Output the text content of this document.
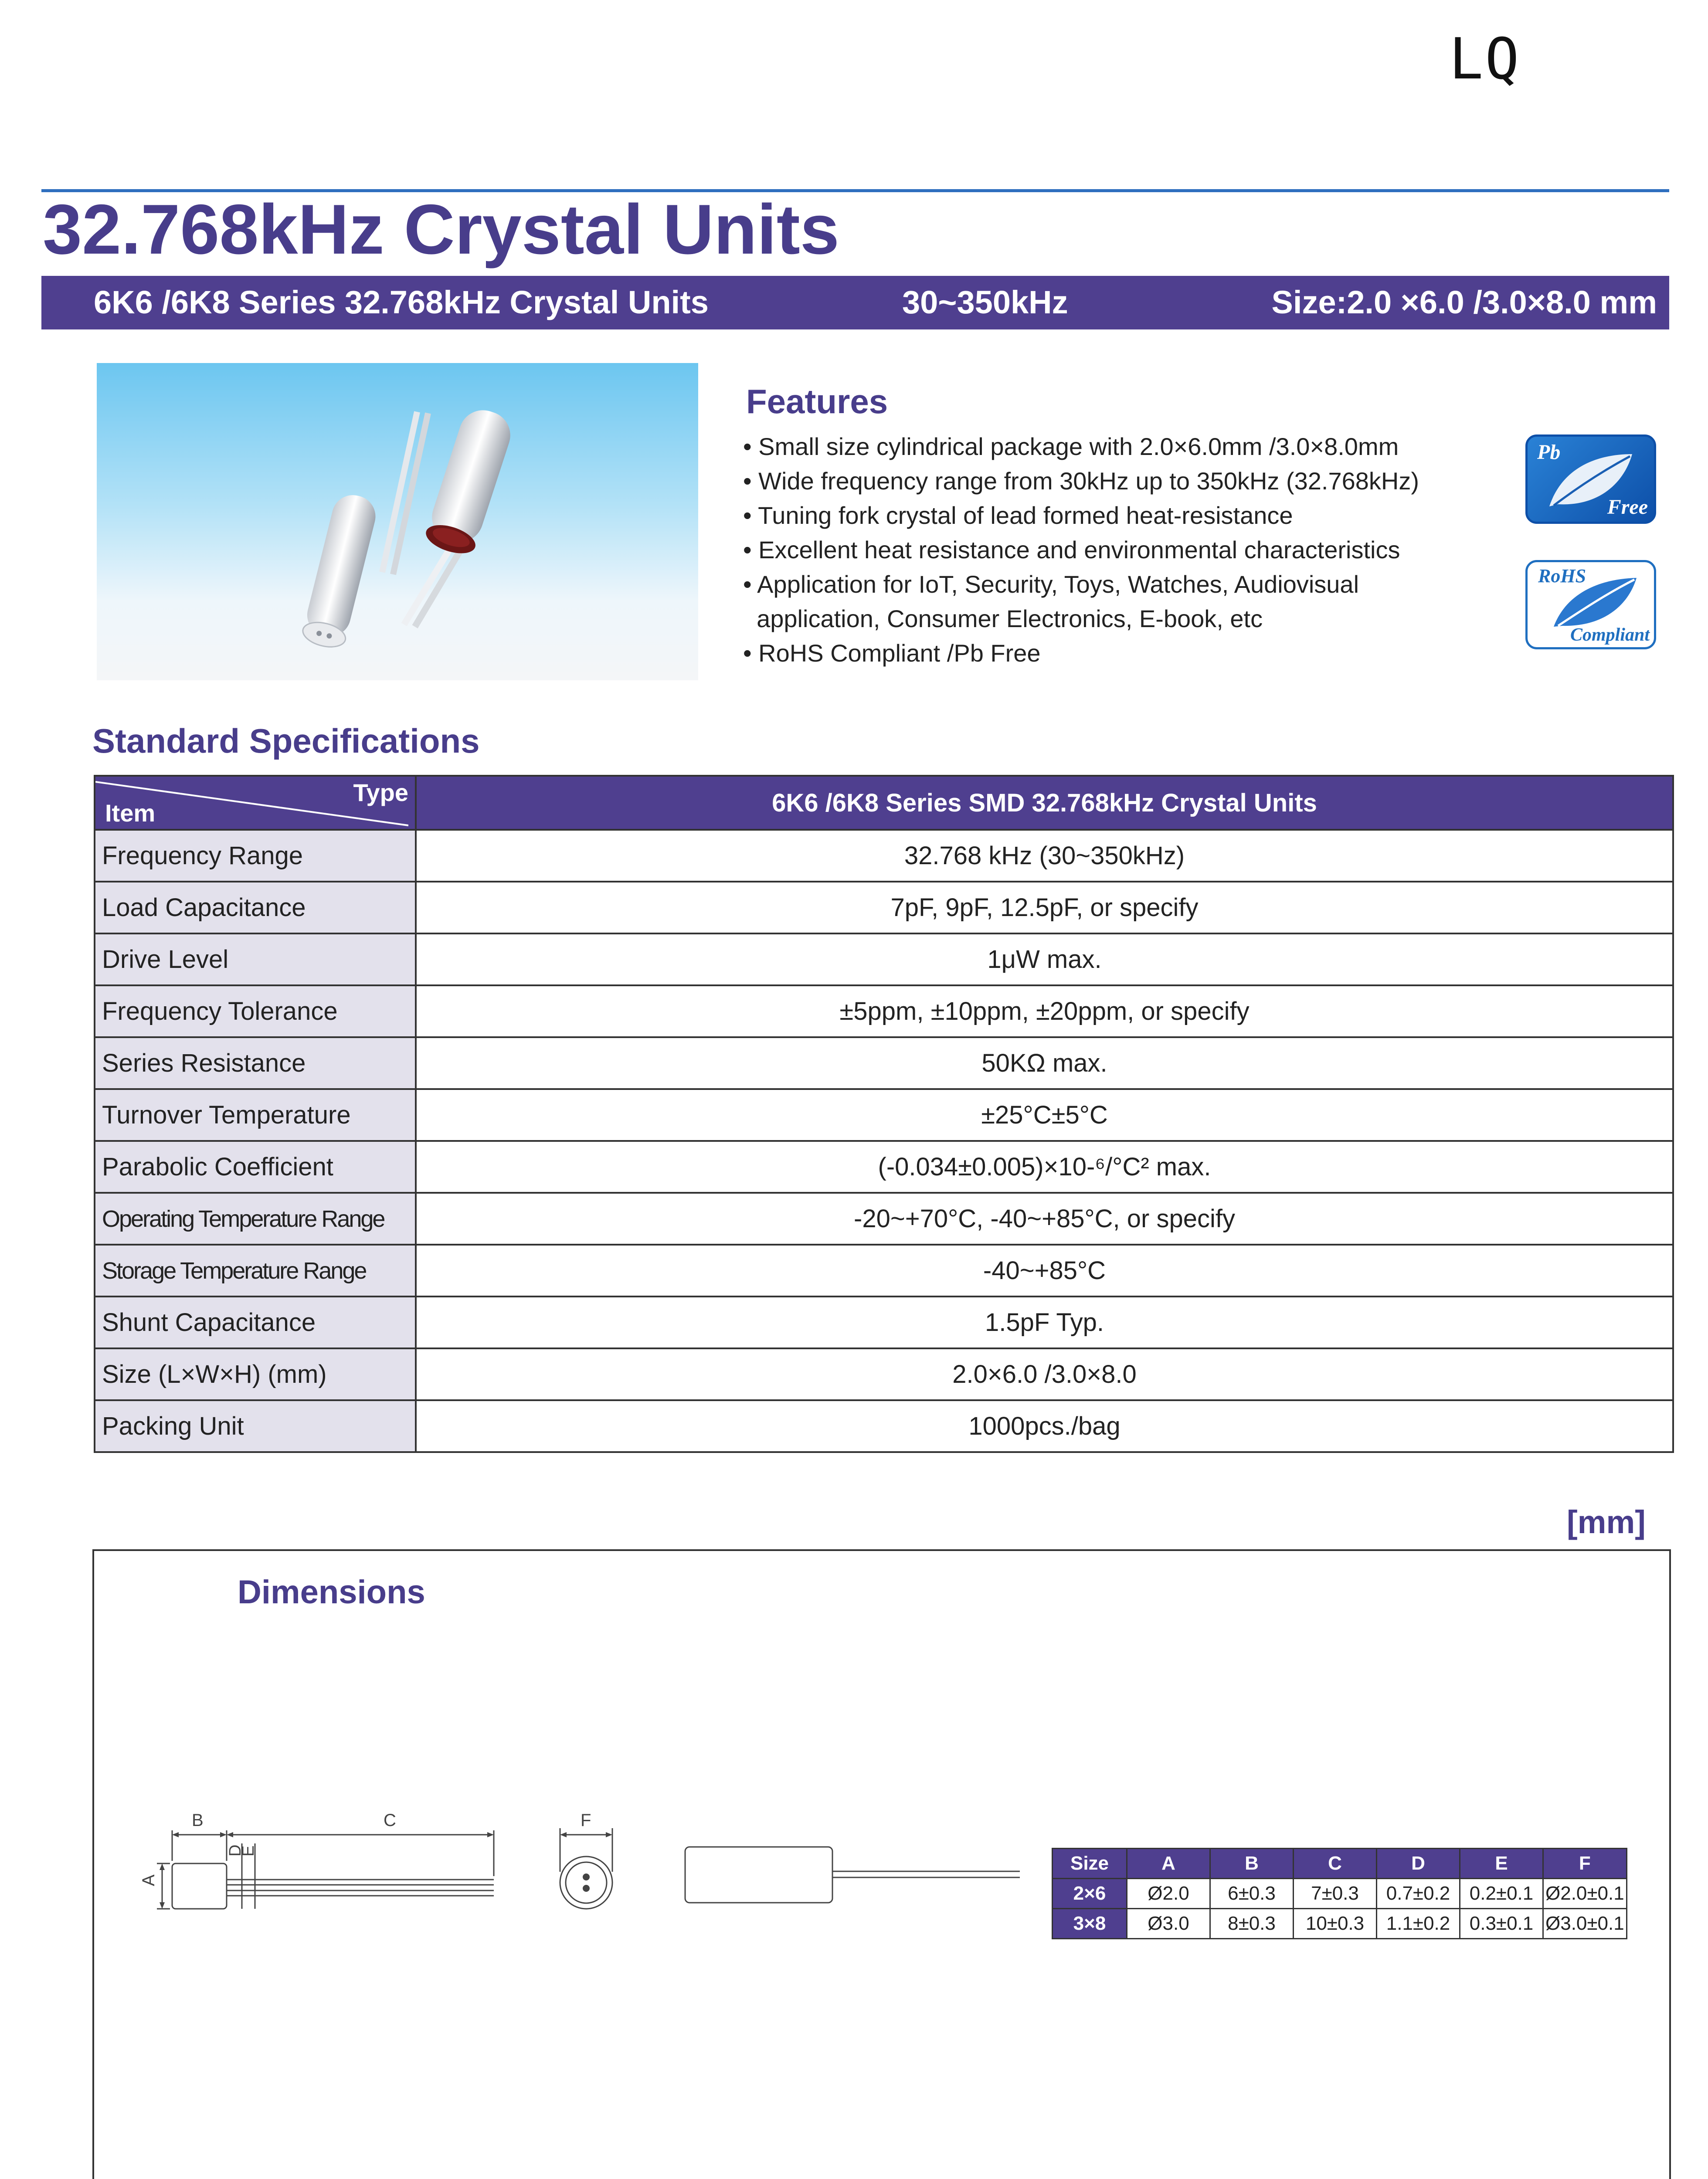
LQ
32.768kHz Crystal Units
6K6 /6K8 Series 32.768kHz Crystal Units	30~350kHz	Size:2.0 ×6.0 /3.0×8.0 mm
Features
• Small size cylindrical package with 2.0×6.0mm /3.0×8.0mm
• Wide frequency range from 30kHz up to 350kHz (32.768kHz)
• Tuning fork crystal of lead formed heat-resistance
• Excellent heat resistance and environmental characteristics
• Application for IoT, Security, Toys, Watches, Audiovisual
application, Consumer Electronics, E-book, etc
• RoHS Compliant /Pb Free
Pb
Free
RoHS
Compliant
Standard Specifications
Type
Item	6K6 /6K8 Series SMD 32.768kHz Crystal Units
Frequency Range	32.768 kHz (30~350kHz)
Load Capacitance	7pF, 9pF, 12.5pF, or specify
Drive Level	1μW max.
Frequency Tolerance	±5ppm, ±10ppm, ±20ppm, or specify
Series Resistance	50KΩ max.
Turnover Temperature	±25°C±5°C
Parabolic Coefficient	(-0.034±0.005)×10-⁶/°C² max.
Operating Temperature Range	-20~+70°C, -40~+85°C, or specify
Storage Temperature Range	-40~+85°C
Shunt Capacitance	1.5pF Typ.
Size (L×W×H) (mm)	2.0×6.0 /3.0×8.0
Packing Unit	1000pcs./bag
[mm]
Dimensions
B	C
A
D
E
F
Size	A	B	C	D	E	F
2×6	Ø2.0	6±0.3	7±0.3	0.7±0.2	0.2±0.1	Ø2.0±0.1
3×8	Ø3.0	8±0.3	10±0.3	1.1±0.2	0.3±0.1	Ø3.0±0.1
